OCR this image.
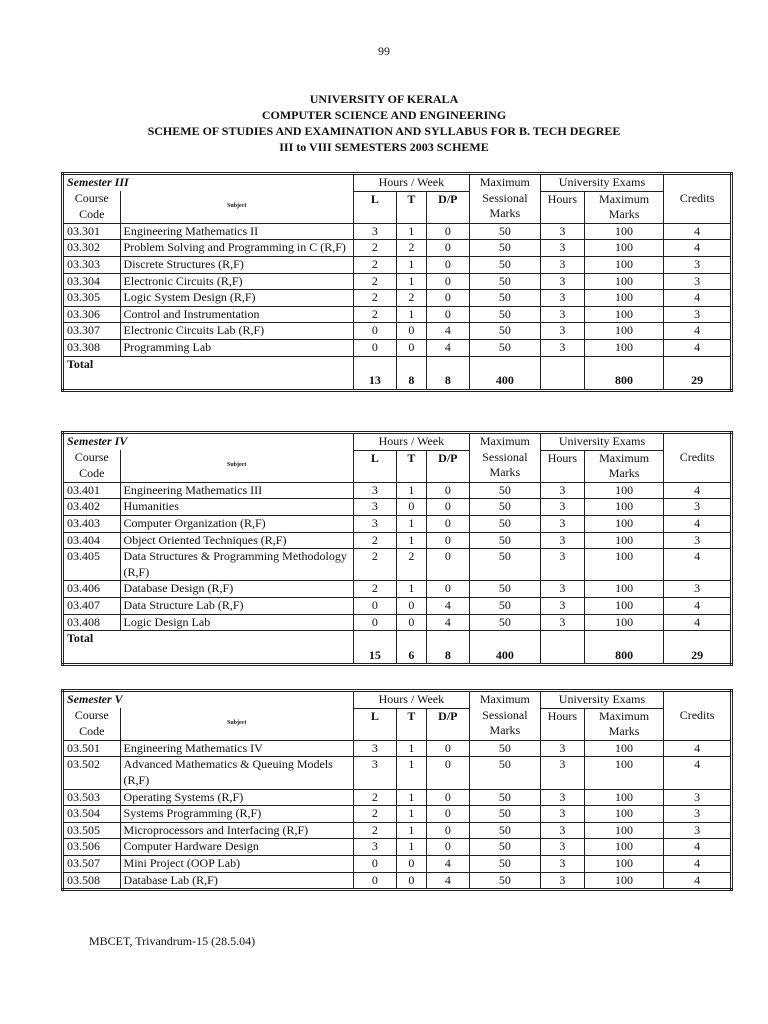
99
UNIVERSITY OF KERALA
COMPUTER SCIENCE AND ENGINEERING
SCHEME OF STUDIES AND EXAMINATION AND SYLLABUS FOR B. TECH DEGREE
III to VIII SEMESTERS 2003 SCHEME
Semester III		Hours / Week			Maximum Sessional Marks	University Exams		Credits
Course Code	Subject	L	T	D/P		Hours	Maximum Marks	
03.301	Engineering Mathematics II	3	1	0	50	3	100	4
03.302	Problem Solving and Programming in C (R,F)	2	2	0	50	3	100	4
03.303	Discrete Structures (R,F)	2	1	0	50	3	100	3
03.304	Electronic Circuits (R,F)	2	1	0	50	3	100	3
03.305	Logic System Design (R,F)	2	2	0	50	3	100	4
03.306	Control and Instrumentation	2	1	0	50	3	100	3
03.307	Electronic Circuits Lab (R,F)	0	0	4	50	3	100	4
03.308	Programming Lab	0	0	4	50	3	100	4
Total		13	8	8	400		800	29
Semester IV		Hours / Week			Maximum Sessional Marks	University Exams		Credits
Course Code	Subject	L	T	D/P		Hours	Maximum Marks	
03.401	Engineering Mathematics III	3	1	0	50	3	100	4
03.402	Humanities	3	0	0	50	3	100	3
03.403	Computer Organization (R,F)	3	1	0	50	3	100	4
03.404	Object Oriented Techniques (R,F)	2	1	0	50	3	100	3
03.405	Data Structures & Programming Methodology (R,F)	2	2	0	50	3	100	4
03.406	Database Design (R,F)	2	1	0	50	3	100	3
03.407	Data Structure Lab (R,F)	0	0	4	50	3	100	4
03.408	Logic Design Lab	0	0	4	50	3	100	4
Total		15	6	8	400		800	29
Semester V		Hours / Week			Maximum Sessional Marks	University Exams		Credits
Course Code	Subject	L	T	D/P		Hours	Maximum Marks	
03.501	Engineering Mathematics IV	3	1	0	50	3	100	4
03.502	Advanced Mathematics & Queuing Models (R,F)	3	1	0	50	3	100	4
03.503	Operating Systems (R,F)	2	1	0	50	3	100	3
03.504	Systems Programming (R,F)	2	1	0	50	3	100	3
03.505	Microprocessors and Interfacing (R,F)	2	1	0	50	3	100	3
03.506	Computer Hardware Design	3	1	0	50	3	100	4
03.507	Mini Project (OOP Lab)	0	0	4	50	3	100	4
03.508	Database Lab (R,F)	0	0	4	50	3	100	4
MBCET, Trivandrum-15 (28.5.04)
